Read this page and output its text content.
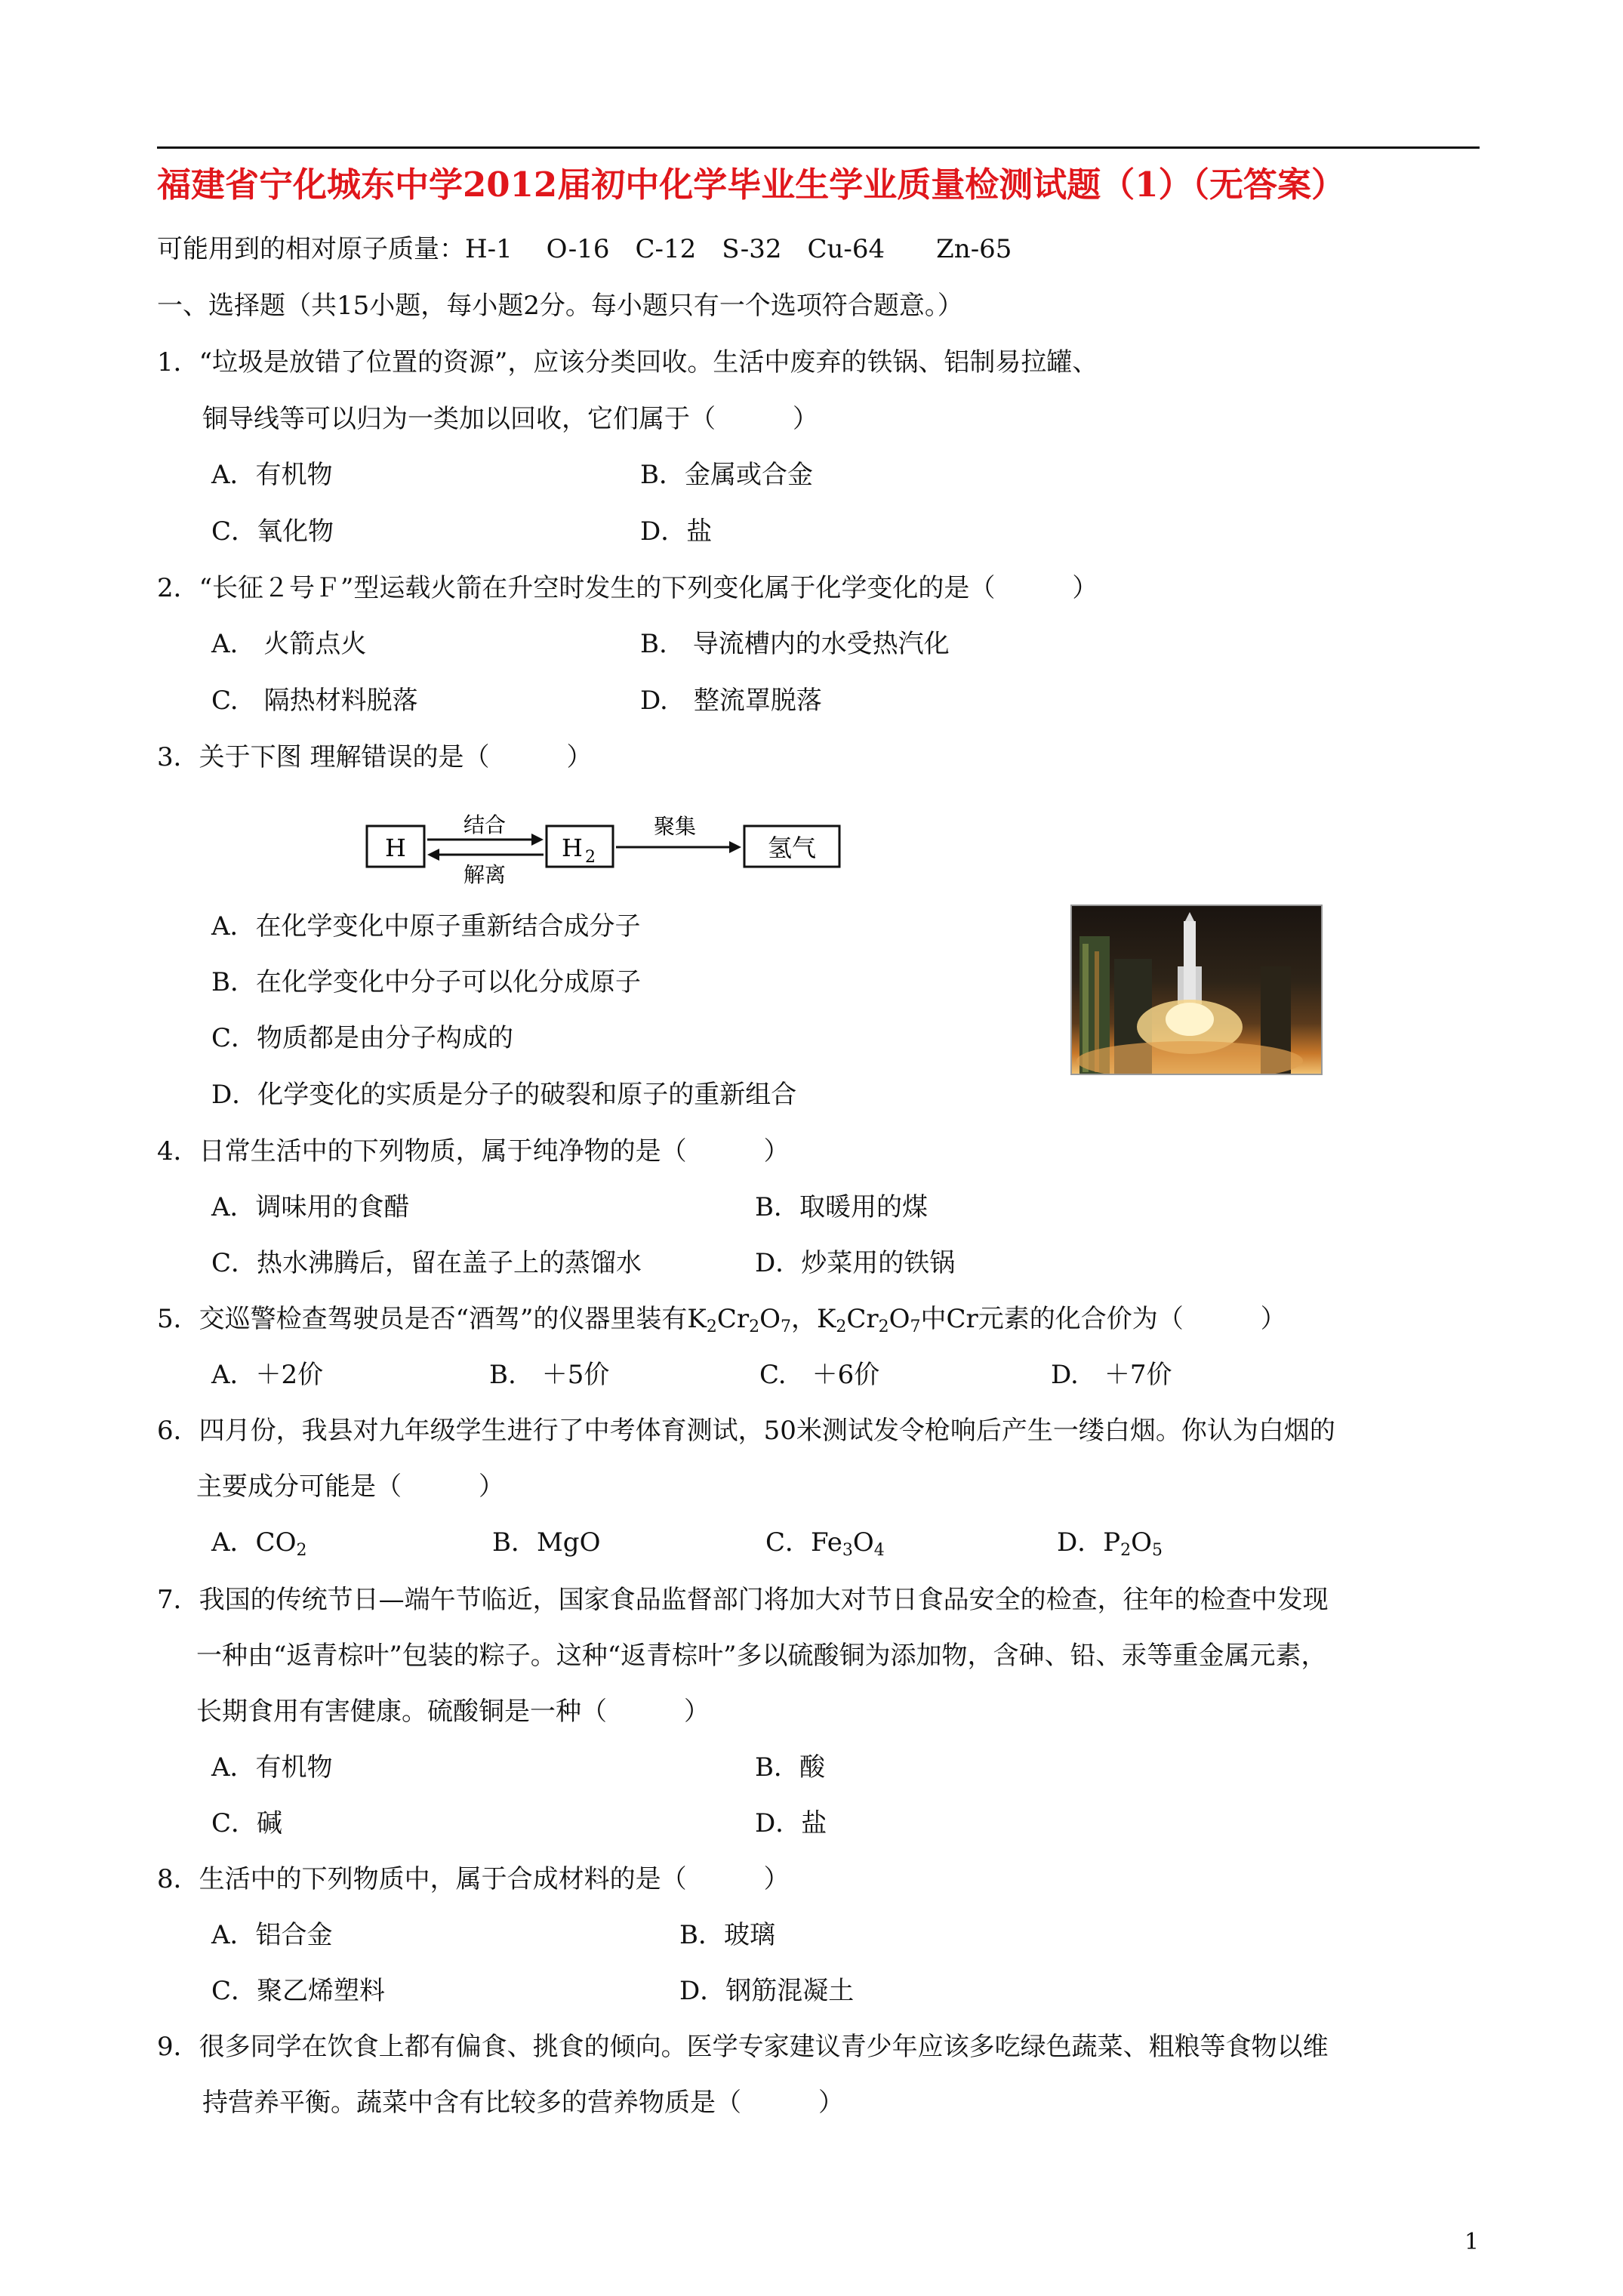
福建省宁化城东中学2012届初中化学毕业生学业质量检测试题（1）（无答案）
可能用到的相对原子质量：H-1　 O-16　C-12　S-32　Cu-64　　Zn-65
一、选择题（共15小题，每小题2分。每小题只有一个选项符合题意。）
1．“垃圾是放错了位置的资源”，应该分类回收。生活中废弃的铁锅、铝制易拉罐、
铜导线等可以归为一类加以回收，它们属于（　　　）
A．有机物	B．金属或合金
C．氧化物	D．盐
2．“长征２号Ｆ”型运载火箭在升空时发生的下列变化属于化学变化的是（　　　）
A.　火箭点火	B.　导流槽内的水受热汽化
C.　隔热材料脱落	D.　整流罩脱落
3．关于下图 理解错误的是（　　　）
H
结合
解离
H 2
聚集
氢气
A．在化学变化中原子重新结合成分子
B．在化学变化中分子可以化分成原子
C．物质都是由分子构成的
D．化学变化的实质是分子的破裂和原子的重新组合
4．日常生活中的下列物质，属于纯净物的是（　　　）
A．调味用的食醋	B．取暖用的煤
C．热水沸腾后，留在盖子上的蒸馏水	D．炒菜用的铁锅
5．交巡警检查驾驶员是否“酒驾”的仪器里装有$K_2Cr_2O_7$，$K_2Cr_2O_7$中Cr元素的化合价为（　　　）
A．＋2价	B.　＋5价	C.　＋6价	D.　＋7价
6．四月份，我县对九年级学生进行了中考体育测试，50米测试发令枪响后产生一缕白烟。你认为白烟的
主要成分可能是（　　　）
A．$CO_2$	B．MgO	C．$Fe_3O_4$	D．$P_2O_5$
7．我国的传统节日—端午节临近，国家食品监督部门将加大对节日食品安全的检查，往年的检查中发现
一种由“返青棕叶”包装的粽子。这种“返青棕叶”多以硫酸铜为添加物，含砷、铅、汞等重金属元素，
长期食用有害健康。硫酸铜是一种（　　　）
A．有机物	B．酸
C．碱	D．盐
8．生活中的下列物质中，属于合成材料的是（　　　）
A．铝合金	B．玻璃
C．聚乙烯塑料	D．钢筋混凝土
9．很多同学在饮食上都有偏食、挑食的倾向。医学专家建议青少年应该多吃绿色蔬菜、粗粮等食物以维
持营养平衡。蔬菜中含有比较多的营养物质是（　　　）
1
